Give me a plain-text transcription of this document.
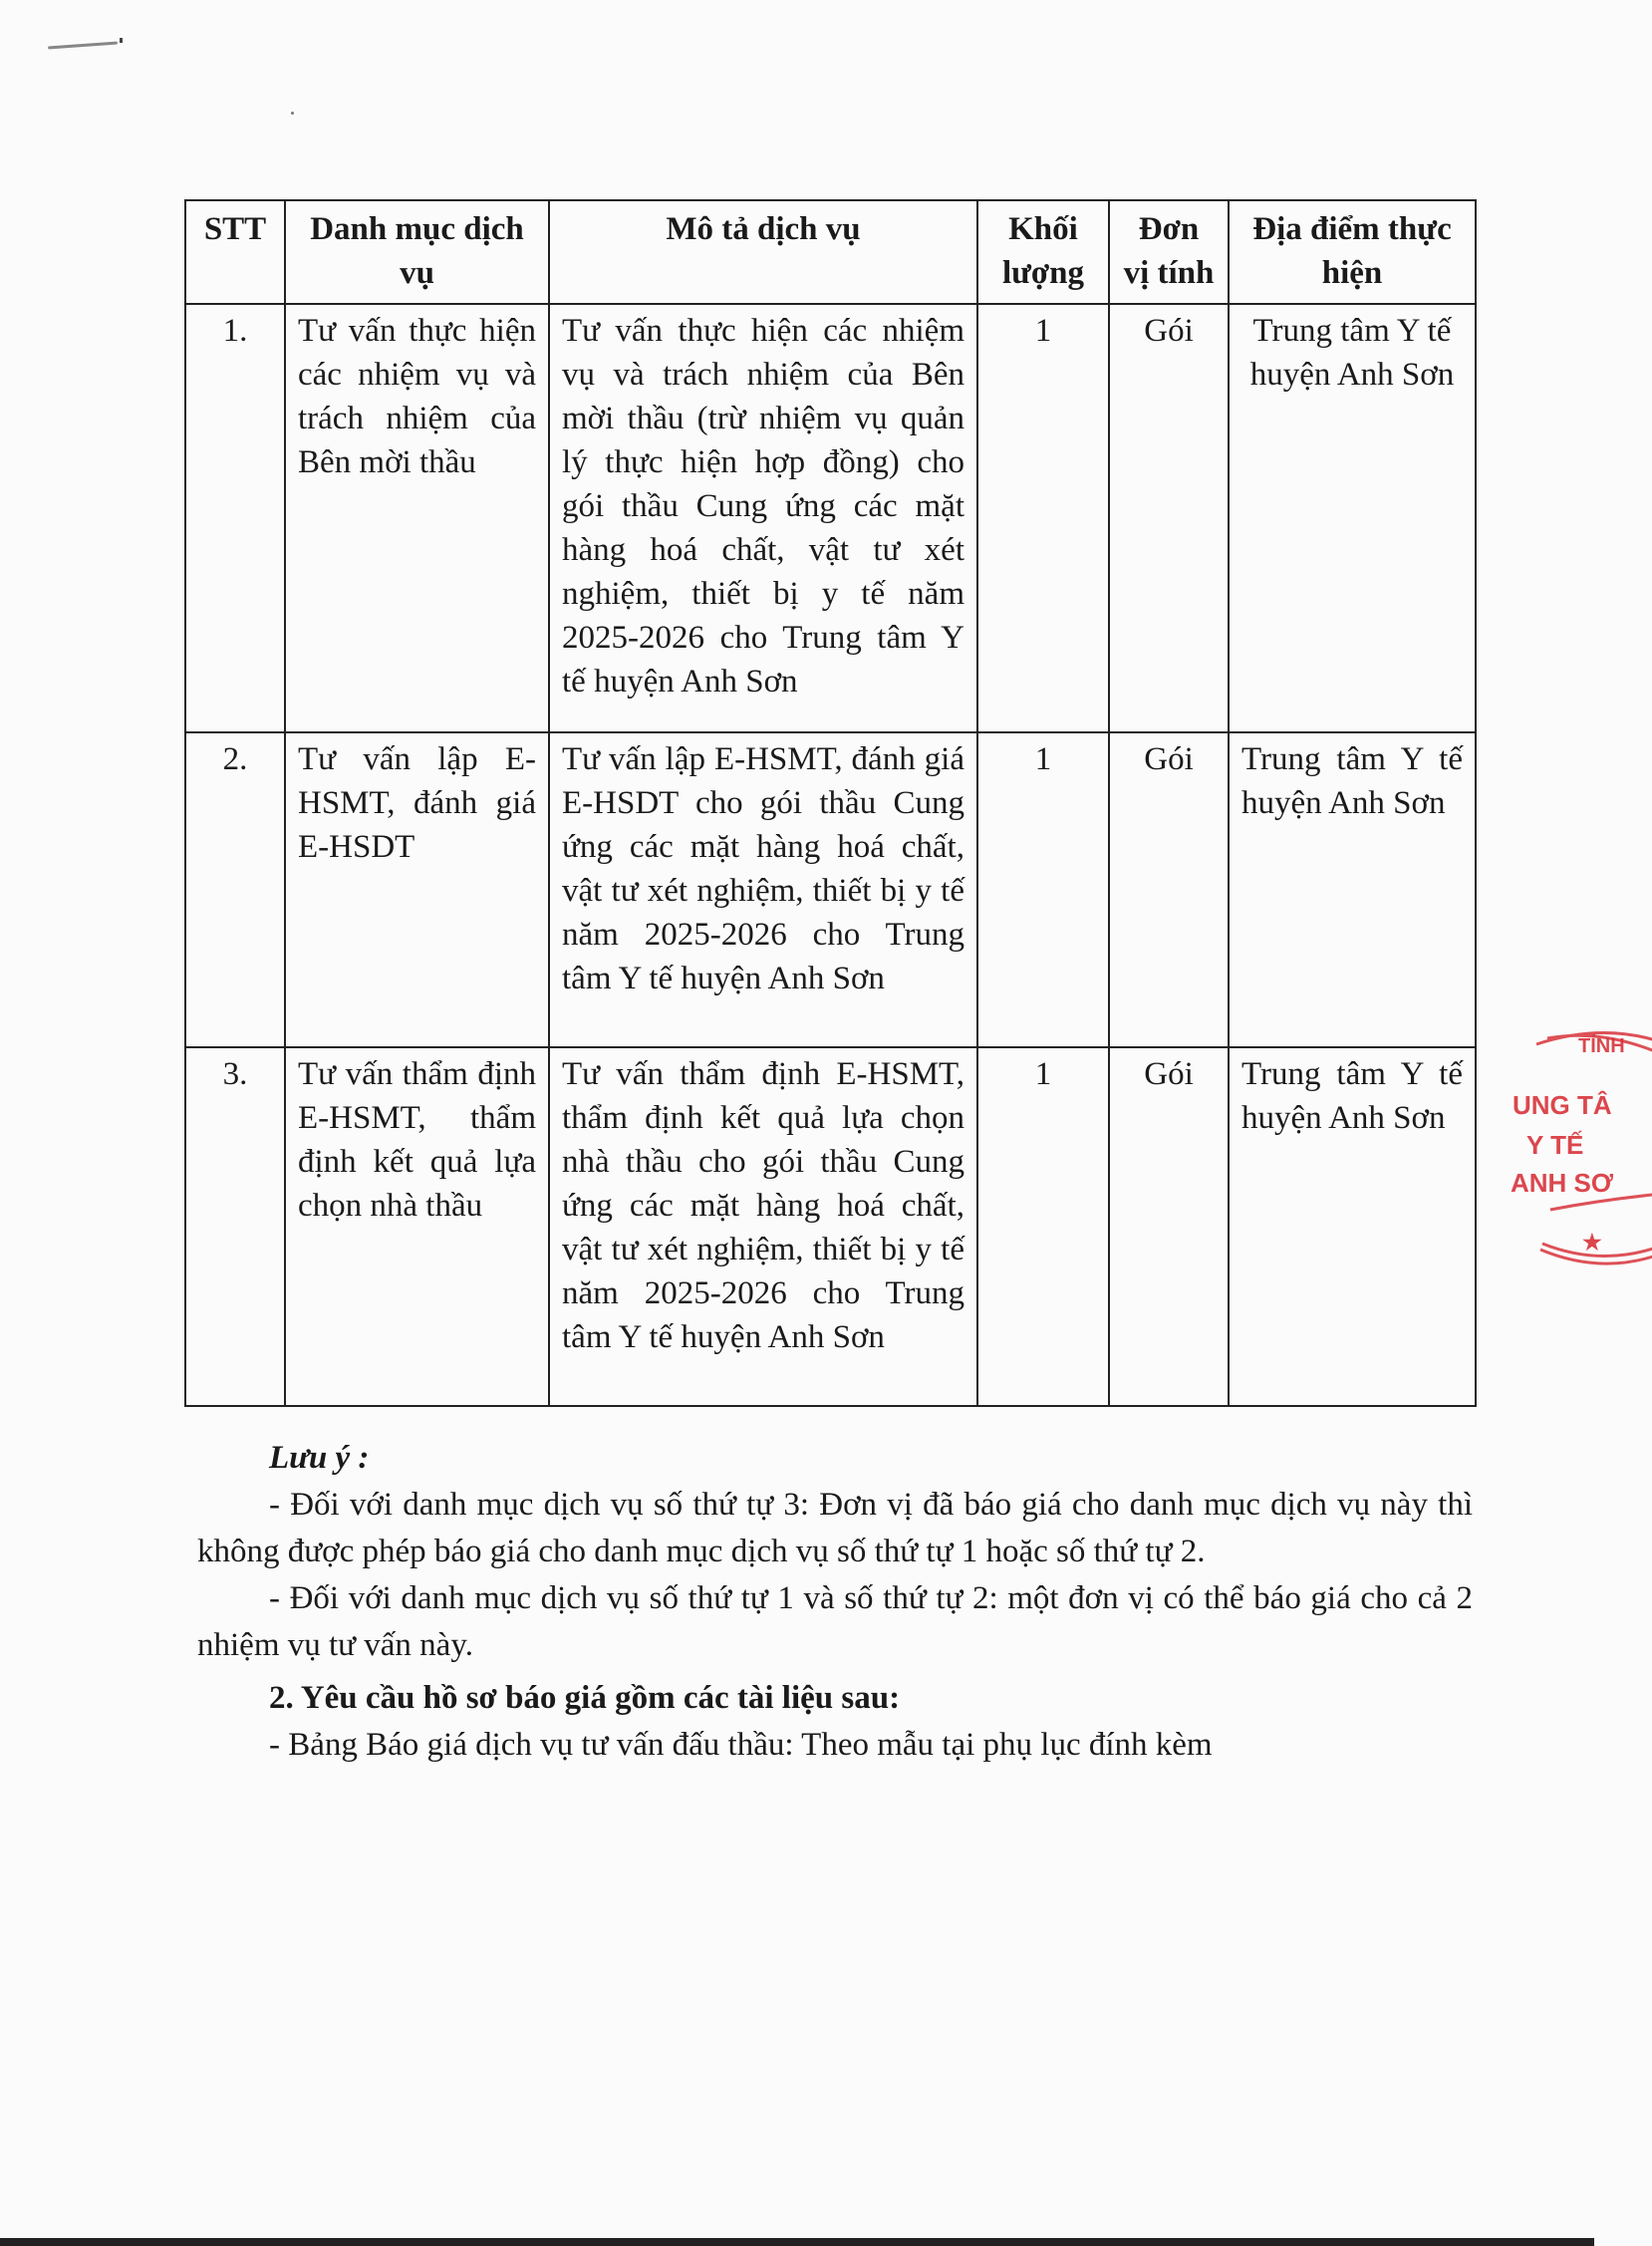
STT	Danh mục dịch vụ	Mô tả dịch vụ	Khối lượng	Đơn vị tính	Địa điểm thực hiện
1.	Tư vấn thực hiện các nhiệm vụ và trách nhiệm của Bên mời thầu	Tư vấn thực hiện các nhiệm vụ và trách nhiệm của Bên mời thầu (trừ nhiệm vụ quản lý thực hiện hợp đồng) cho gói thầu Cung ứng các mặt hàng hoá chất, vật tư xét nghiệm, thiết bị y tế năm 2025-2026 cho Trung tâm Y tế huyện Anh Sơn	1	Gói	Trung tâm Y tế huyện Anh Sơn
2.	Tư vấn lập E-HSMT, đánh giá E-HSDT	Tư vấn lập E-HSMT, đánh giá E-HSDT cho gói thầu Cung ứng các mặt hàng hoá chất, vật tư xét nghiệm, thiết bị y tế năm 2025-2026 cho Trung tâm Y tế huyện Anh Sơn	1	Gói	Trung tâm Y tế huyện Anh Sơn
3.	Tư vấn thẩm định E-HSMT, thẩm định kết quả lựa chọn nhà thầu	Tư vấn thẩm định E-HSMT, thẩm định kết quả lựa chọn nhà thầu cho gói thầu Cung ứng các mặt hàng hoá chất, vật tư xét nghiệm, thiết bị y tế năm 2025-2026 cho Trung tâm Y tế huyện Anh Sơn	1	Gói	Trung tâm Y tế huyện Anh Sơn

Lưu ý :

- Đối với danh mục dịch vụ số thứ tự 3: Đơn vị đã báo giá cho danh mục dịch vụ này thì không được phép báo giá cho danh mục dịch vụ số thứ tự 1 hoặc số thứ tự 2.

- Đối với danh mục dịch vụ số thứ tự 1 và số thứ tự 2: một đơn vị có thể báo giá cho cả 2 nhiệm vụ tư vấn này.

2. Yêu cầu hồ sơ báo giá gồm các tài liệu sau:

- Bảng Báo giá dịch vụ tư vấn đấu thầu: Theo mẫu tại phụ lục đính kèm

TỈNH
UNG TÂ
Y TẾ
ANH SƠ
★
